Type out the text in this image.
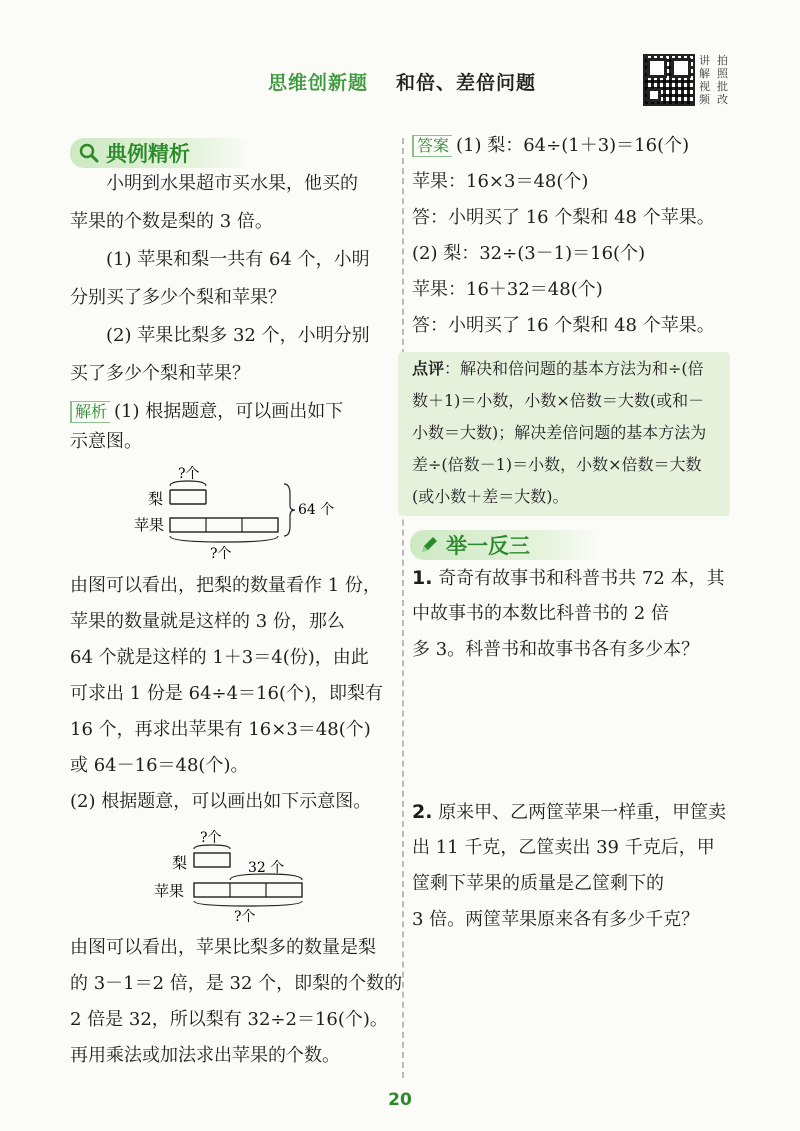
思维创新题 和倍、差倍问题
讲 拍
解 照
视 批
频 改
典例精析
小明到水果超市买水果，他买的
苹果的个数是梨的 3 倍。
(1) 苹果和梨一共有 64 个，小明
分别买了多少个梨和苹果？
(2) 苹果比梨多 32 个，小明分别
买了多少个梨和苹果？
解析 (1) 根据题意，可以画出如下
示意图。
?个
梨
苹果
64 个
?个
由图可以看出，把梨的数量看作 1 份，
苹果的数量就是这样的 3 份，那么
64 个就是这样的 1＋3＝4(份)，由此
可求出 1 份是 64÷4＝16(个)，即梨有
16 个，再求出苹果有 16×3＝48(个)
或 64－16＝48(个)。
(2) 根据题意，可以画出如下示意图。
?个
梨	32 个
苹果
?个
由图可以看出，苹果比梨多的数量是梨
的 3－1＝2 倍，是 32 个，即梨的个数的
2 倍是 32，所以梨有 32÷2＝16(个)。
再用乘法或加法求出苹果的个数。
答案 (1) 梨：64÷(1＋3)＝16(个)
苹果：16×3＝48(个)
答：小明买了 16 个梨和 48 个苹果。
(2) 梨：32÷(3－1)＝16(个)
苹果：16＋32＝48(个)
答：小明买了 16 个梨和 48 个苹果。
点评：解决和倍问题的基本方法为和÷(倍
数＋1)＝小数，小数×倍数＝大数(或和－
小数＝大数)；解决差倍问题的基本方法为
差÷(倍数－1)＝小数，小数×倍数＝大数
(或小数＋差＝大数)。
举一反三
1. 奇奇有故事书和科普书共 72 本，其
中故事书的本数比科普书的 2 倍
多 3。科普书和故事书各有多少本？
2. 原来甲、乙两筐苹果一样重，甲筐卖
出 11 千克，乙筐卖出 39 千克后，甲
筐剩下苹果的质量是乙筐剩下的
3 倍。两筐苹果原来各有多少千克？
20
